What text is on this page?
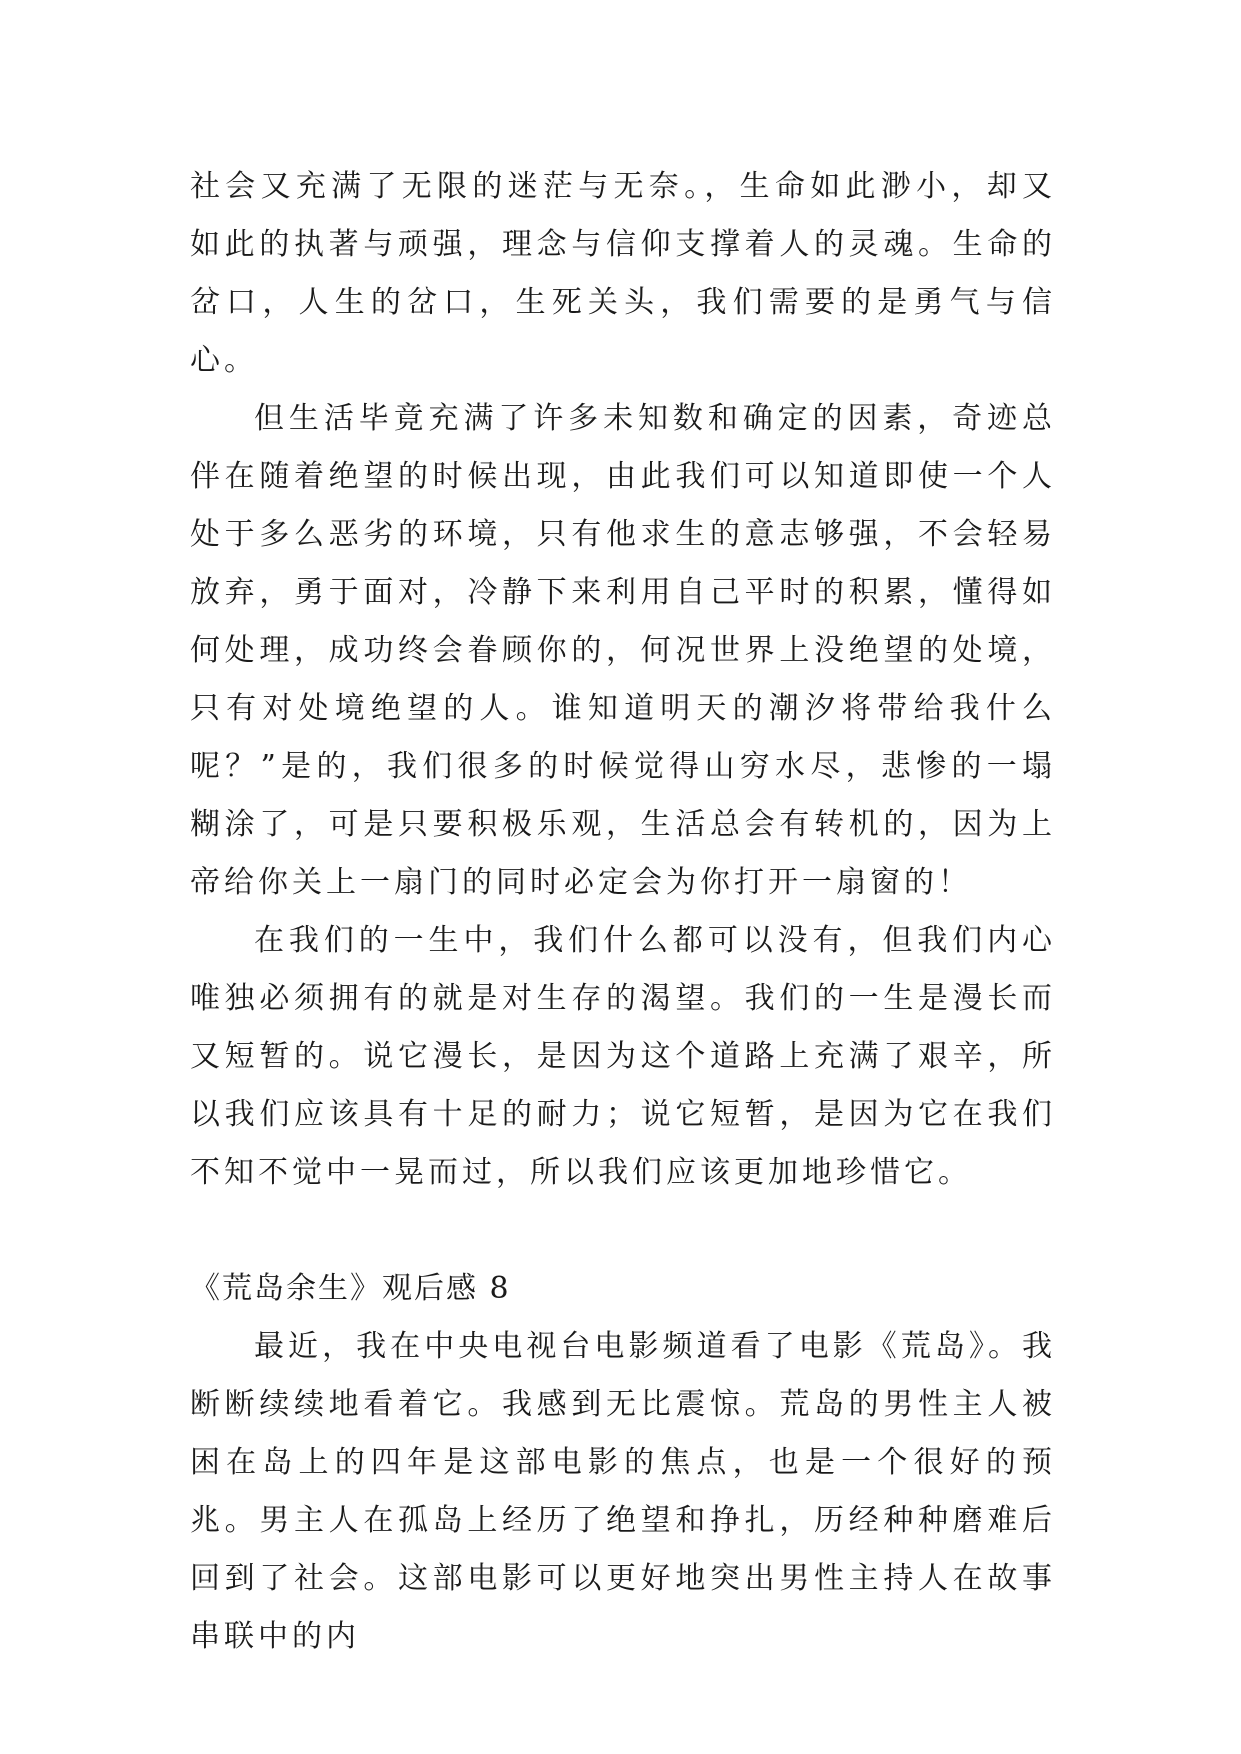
社会又充满了无限的迷茫与无奈。，生命如此渺小，却又如此的执著与顽强，理念与信仰支撑着人的灵魂。生命的岔口，人生的岔口，生死关头，我们需要的是勇气与信心。

但生活毕竟充满了许多未知数和确定的因素，奇迹总伴在随着绝望的时候出现，由此我们可以知道即使一个人处于多么恶劣的环境，只有他求生的意志够强，不会轻易放弃，勇于面对，冷静下来利用自己平时的积累，懂得如何处理，成功终会眷顾你的，何况世界上没绝望的处境，只有对处境绝望的人。谁知道明天的潮汐将带给我什么呢？”是的，我们很多的时候觉得山穷水尽，悲惨的一塌糊涂了，可是只要积极乐观，生活总会有转机的，因为上帝给你关上一扇门的同时必定会为你打开一扇窗的！

在我们的一生中，我们什么都可以没有，但我们内心唯独必须拥有的就是对生存的渴望。我们的一生是漫长而又短暂的。说它漫长，是因为这个道路上充满了艰辛，所以我们应该具有十足的耐力；说它短暂，是因为它在我们不知不觉中一晃而过，所以我们应该更加地珍惜它。

《荒岛余生》观后感 8

最近，我在中央电视台电影频道看了电影《荒岛》。我断断续续地看着它。我感到无比震惊。荒岛的男性主人被困在岛上的四年是这部电影的焦点，也是一个很好的预兆。男主人在孤岛上经历了绝望和挣扎，历经种种磨难后回到了社会。这部电影可以更好地突出男性主持人在故事串联中的内
